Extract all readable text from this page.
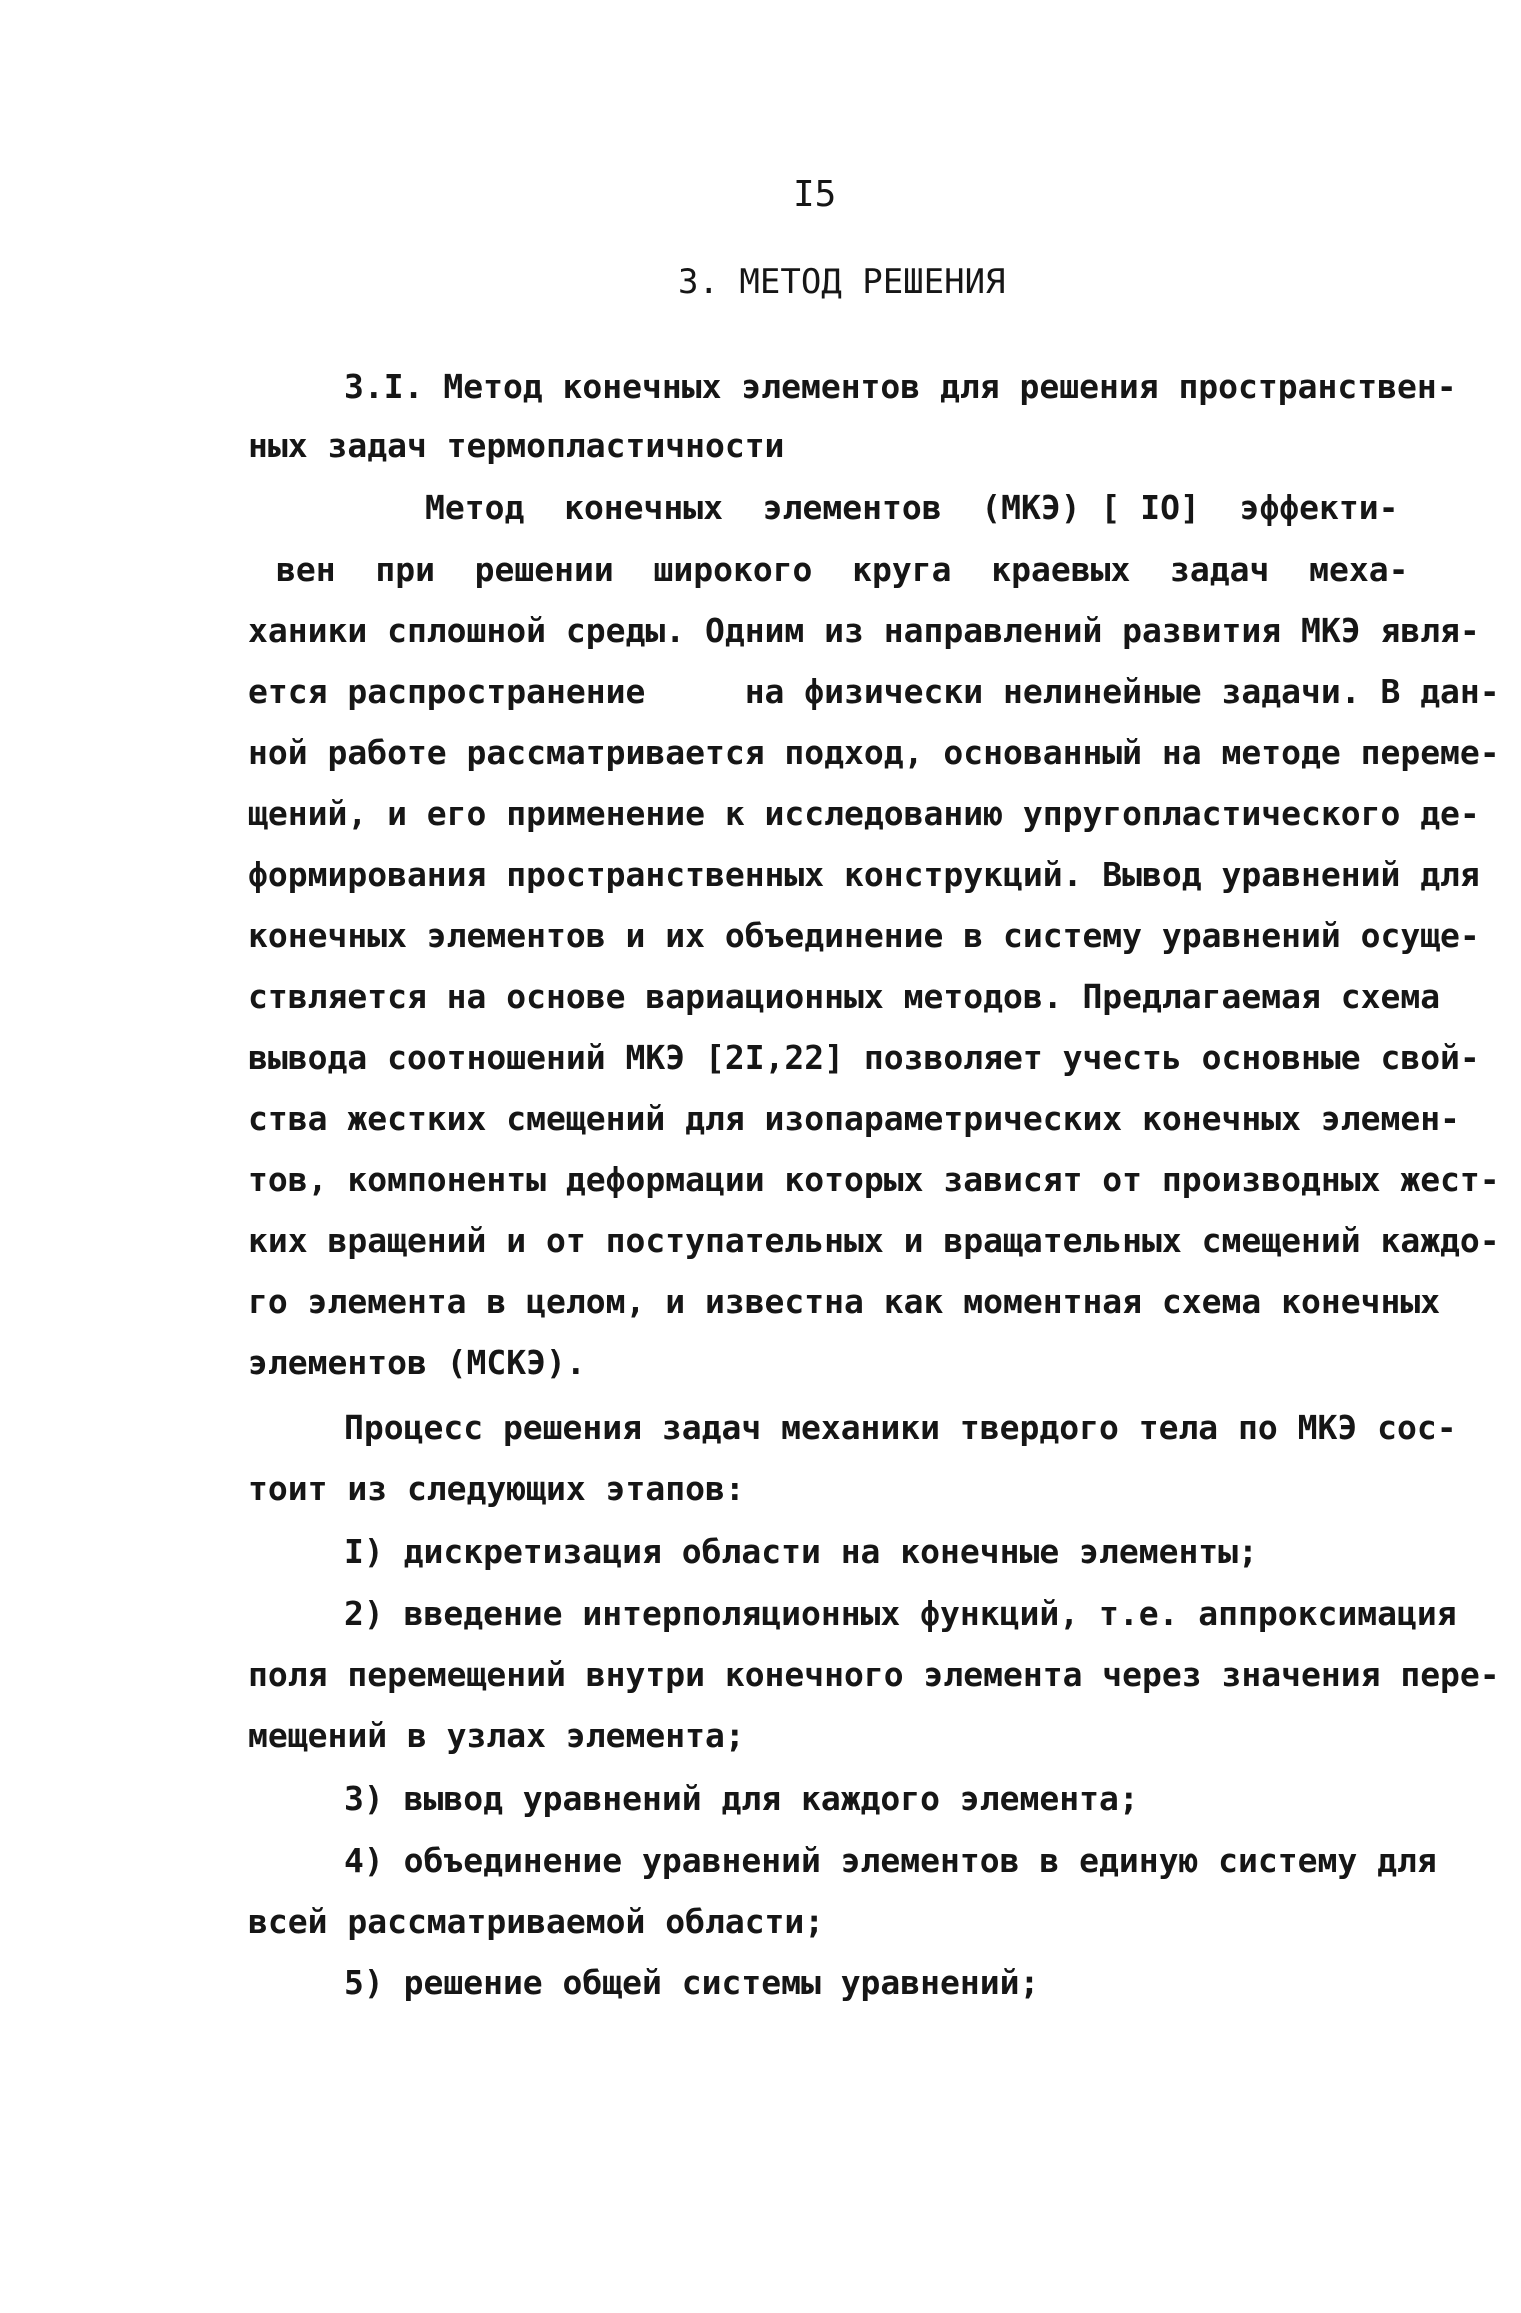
I5
3. МЕТОД РЕШЕНИЯ
3.I. Метод конечных элементов для решения пространствен-
ных задач термопластичности
Метод  конечных  элементов  (МКЭ) [ IO]  эффекти-
вен  при  решении  широкого  круга  краевых  задач  меха-
ханики сплошной среды. Одним из направлений развития МКЭ явля-
ется распространение     на физически нелинейные задачи. В дан-
ной работе рассматривается подход, основанный на методе переме-
щений, и его применение к исследованию упругопластического де-
формирования пространственных конструкций. Вывод уравнений для
конечных элементов и их объединение в систему уравнений осуще-
ствляется на основе вариационных методов. Предлагаемая схема
вывода соотношений МКЭ [2I,22] позволяет учесть основные свой-
ства жестких смещений для изопараметрических конечных элемен-
тов, компоненты деформации которых зависят от производных жест-
ких вращений и от поступательных и вращательных смещений каждо-
го элемента в целом, и известна как моментная схема конечных
элементов (МСКЭ).
Процесс решения задач механики твердого тела по МКЭ сос-
тоит из следующих этапов:
I) дискретизация области на конечные элементы;
2) введение интерполяционных функций, т.е. аппроксимация
поля перемещений внутри конечного элемента через значения пере-
мещений в узлах элемента;
3) вывод уравнений для каждого элемента;
4) объединение уравнений элементов в единую систему для
всей рассматриваемой области;
5) решение общей системы уравнений;
